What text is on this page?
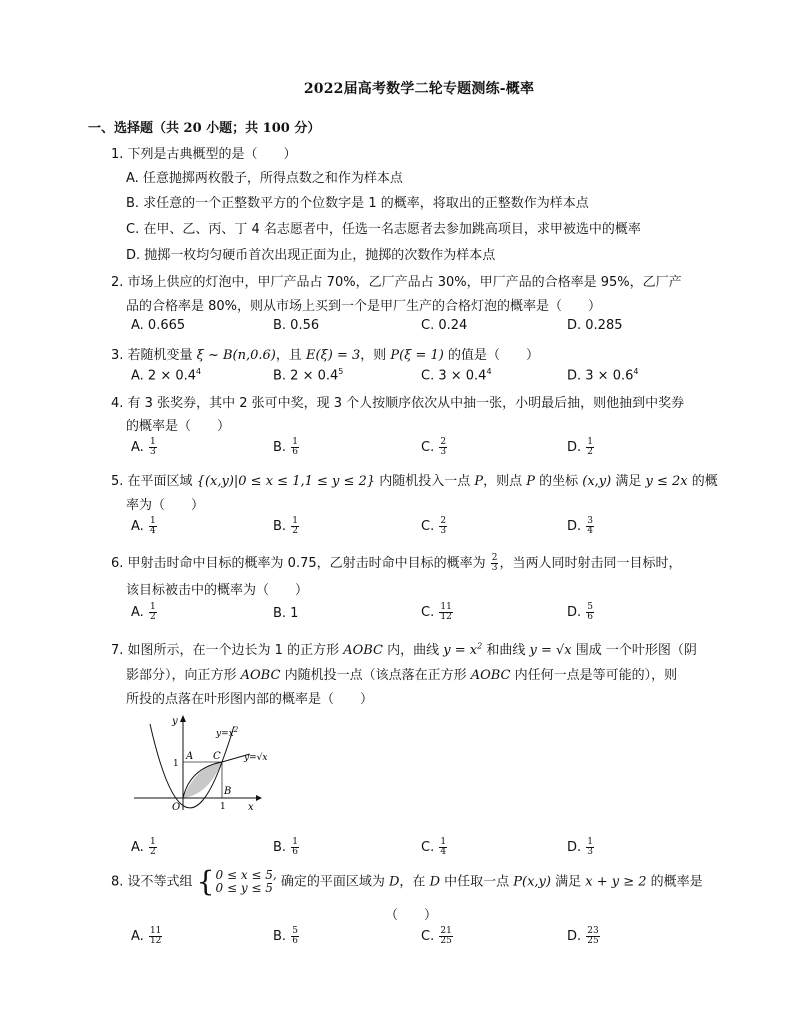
2022届高考数学二轮专题测练-概率
一、选择题（共 20 小题；共 100 分）
1. 下列是古典概型的是（　　）
A. 任意抛掷两枚骰子，所得点数之和作为样本点
B. 求任意的一个正整数平方的个位数字是 1 的概率，将取出的正整数作为样本点
C. 在甲、乙、丙、丁 4 名志愿者中，任选一名志愿者去参加跳高项目，求甲被选中的概率
D. 抛掷一枚均匀硬币首次出现正面为止，抛掷的次数作为样本点
2. 市场上供应的灯泡中，甲厂产品占 70%，乙厂产品占 30%，甲厂产品的合格率是 95%，乙厂产
品的合格率是 80%，则从市场上买到一个是甲厂生产的合格灯泡的概率是（　　）
A. 0.665	B. 0.56	C. 0.24	D. 0.285
3. 若随机变量 ξ ~ B(n,0.6)，且 E(ξ) = 3，则 P(ξ = 1) 的值是（　　）
A. $2 \times 0.4^4$	B. $2 \times 0.4^5$	C. $3 \times 0.4^4$	D. $3 \times 0.6^4$
4. 有 3 张奖券，其中 2 张可中奖，现 3 个人按顺序依次从中抽一张，小明最后抽，则他抽到中奖券
的概率是（　　）
A. $\frac{1}{3}$	B. $\frac{1}{6}$	C. $\frac{2}{3}$	D. $\frac{1}{2}$
5. 在平面区域 {(x,y)|0 ≤ x ≤ 1,1 ≤ y ≤ 2} 内随机投入一点 P，则点 P 的坐标 (x,y) 满足 y ≤ 2x 的概
率为（　　）
A. $\frac{1}{4}$	B. $\frac{1}{2}$	C. $\frac{2}{3}$	D. $\frac{3}{4}$
6. 甲射击时命中目标的概率为 0.75，乙射击时命中目标的概率为 $\frac{2}{3}$ ，当两人同时射击同一目标时，
该目标被击中的概率为（　　）
A. $\frac{1}{2}$	B. 1	C. $\frac{11}{12}$	D. $\frac{5}{6}$
7. 如图所示，在一个边长为 1 的正方形 AOBC 内，曲线 $y = x^2$ 和曲线 y = √x 围成 一个叶形图（阴
影部分），向正方形 AOBC 内随机投一点（该点落在正方形 AOBC 内任何一点是等可能的），则
所投的点落在叶形图内部的概率是（　　）
y
x
O
A C
B
1
1
$y=x^2$
y=√x
A. $\frac{1}{2}$	B. $\frac{1}{6}$	C. $\frac{1}{4}$	D. $\frac{1}{3}$
8. 设不等式组 { 0 ≤ x ≤ 5,
0 ≤ y ≤ 5 确定的平面区域为 D，在 D 中任取一点 P(x,y) 满足 x + y ≥ 2 的概率是
（　　）
A. $\frac{11}{12}$	B. $\frac{5}{6}$	C. $\frac{21}{25}$	D. $\frac{23}{25}$
